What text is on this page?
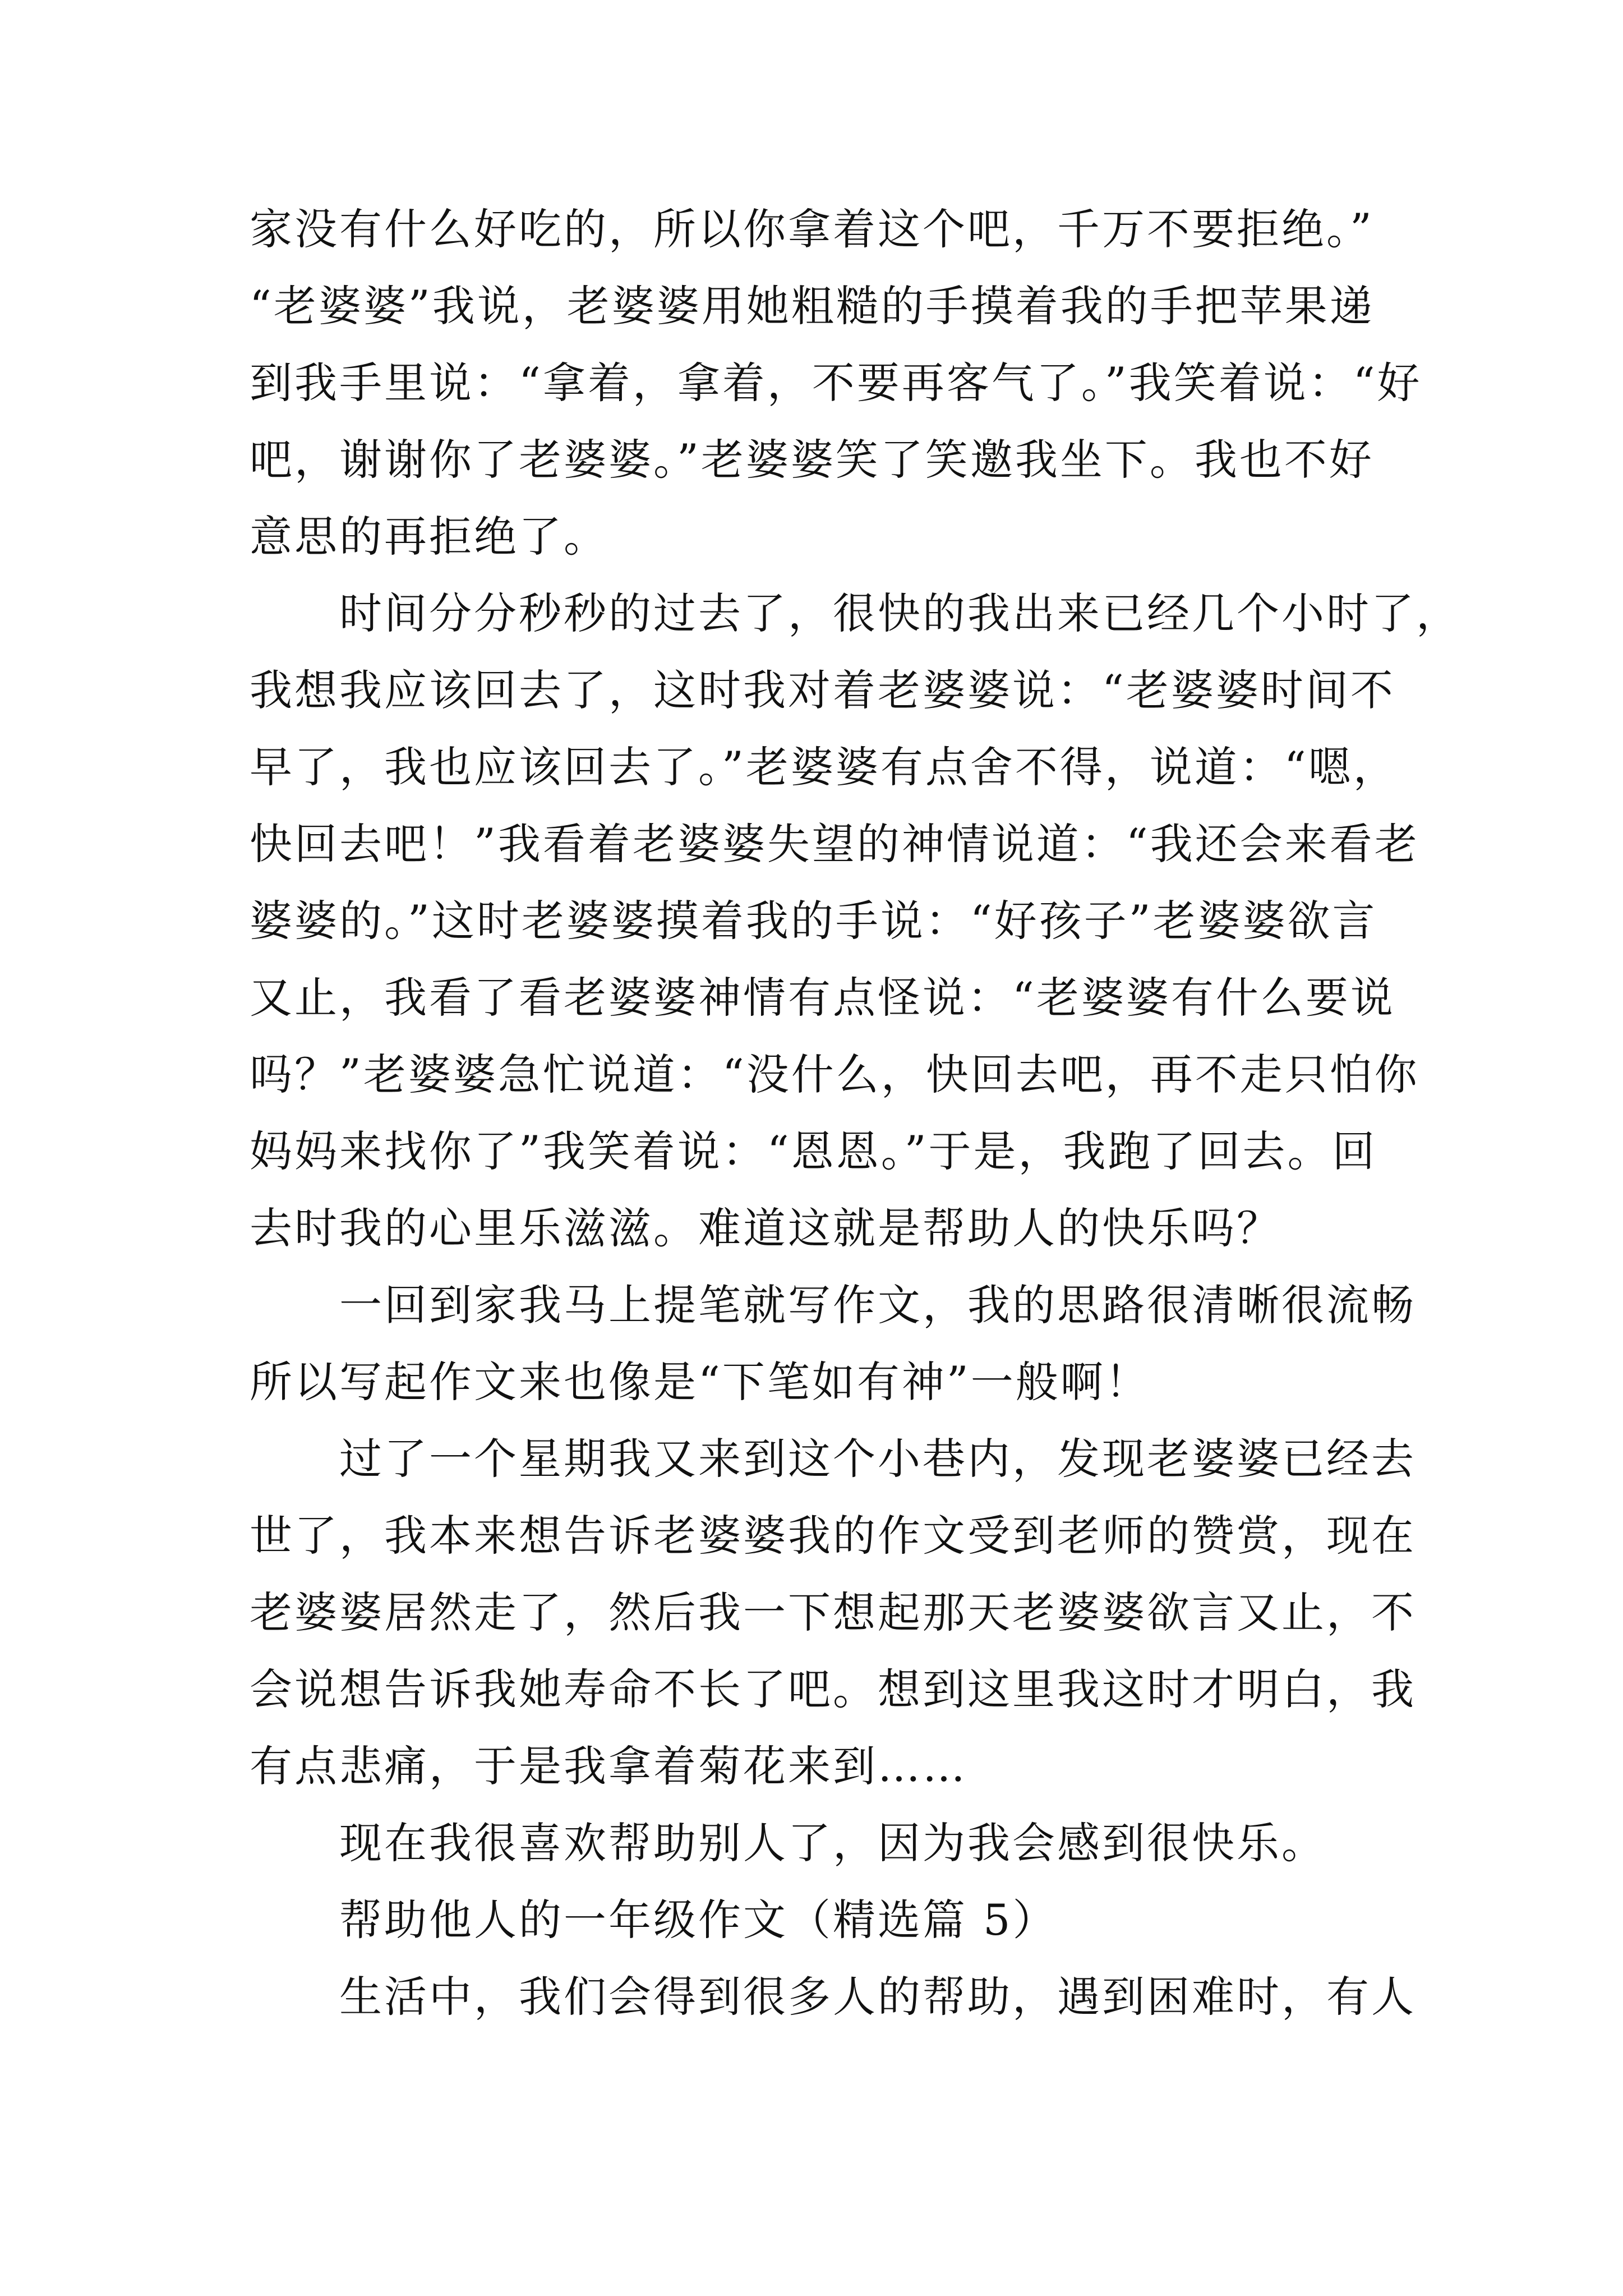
家没有什么好吃的，所以你拿着这个吧，千万不要拒绝。”
“老婆婆”我说，老婆婆用她粗糙的手摸着我的手把苹果递
到我手里说：“拿着，拿着，不要再客气了。”我笑着说：“好
吧，谢谢你了老婆婆。”老婆婆笑了笑邀我坐下。我也不好
意思的再拒绝了。
时间分分秒秒的过去了，很快的我出来已经几个小时了，
我想我应该回去了，这时我对着老婆婆说：“老婆婆时间不
早了，我也应该回去了。”老婆婆有点舍不得，说道：“嗯，
快回去吧！”我看着老婆婆失望的神情说道：“我还会来看老
婆婆的。”这时老婆婆摸着我的手说：“好孩子”老婆婆欲言
又止，我看了看老婆婆神情有点怪说：“老婆婆有什么要说
吗？”老婆婆急忙说道：“没什么，快回去吧，再不走只怕你
妈妈来找你了”我笑着说：“恩恩。”于是，我跑了回去。回
去时我的心里乐滋滋。难道这就是帮助人的快乐吗？
一回到家我马上提笔就写作文，我的思路很清晰很流畅
所以写起作文来也像是“下笔如有神”一般啊！
过了一个星期我又来到这个小巷内，发现老婆婆已经去
世了，我本来想告诉老婆婆我的作文受到老师的赞赏，现在
老婆婆居然走了，然后我一下想起那天老婆婆欲言又止，不
会说想告诉我她寿命不长了吧。想到这里我这时才明白，我
有点悲痛，于是我拿着菊花来到……
现在我很喜欢帮助别人了，因为我会感到很快乐。
帮助他人的一年级作文（精选篇 5）
生活中，我们会得到很多人的帮助，遇到困难时，有人
